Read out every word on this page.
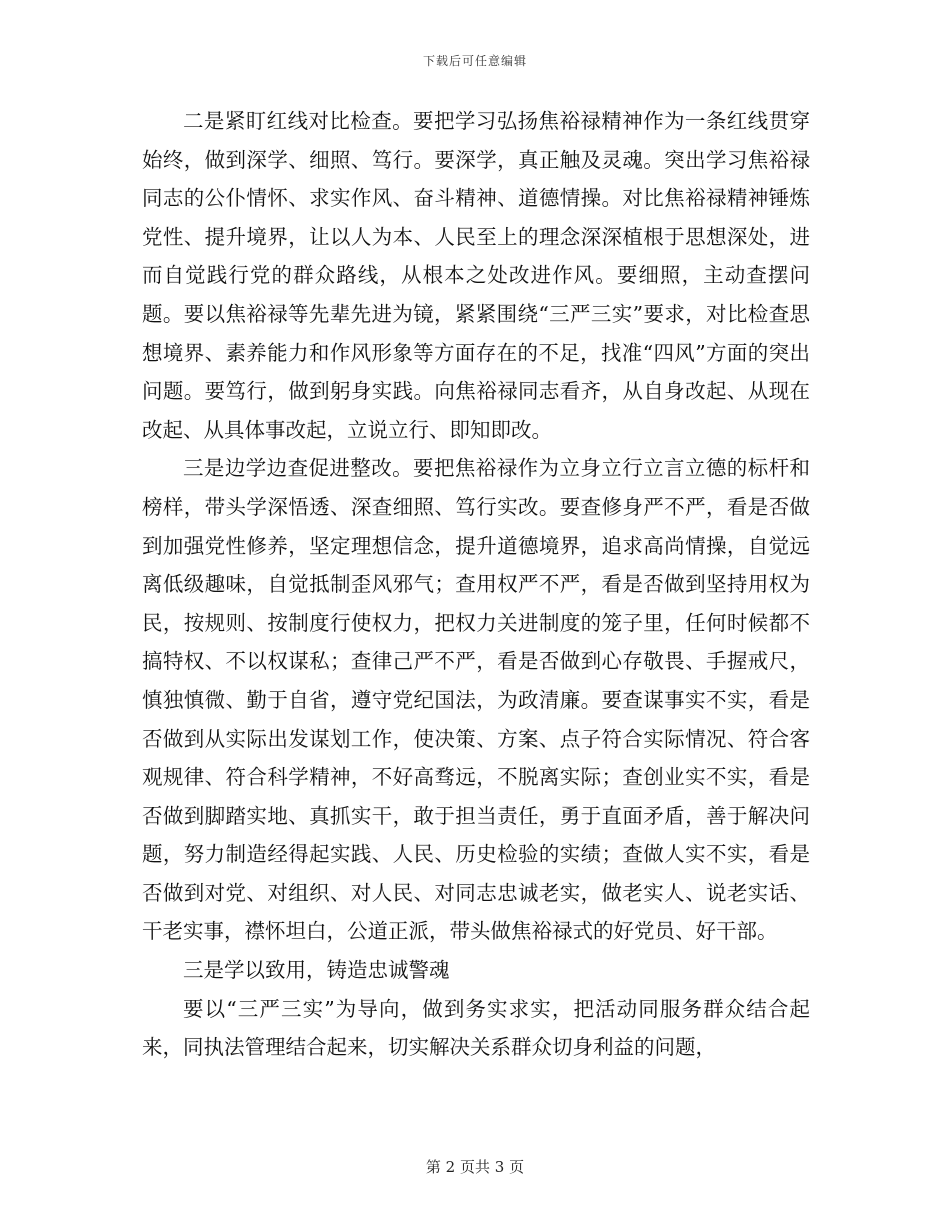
下载后可任意编辑

二是紧盯红线对比检查。要把学习弘扬焦裕禄精神作为一条红线贯穿始终，做到深学、细照、笃行。要深学，真正触及灵魂。突出学习焦裕禄同志的公仆情怀、求实作风、奋斗精神、道德情操。对比焦裕禄精神锤炼党性、提升境界，让以人为本、人民至上的理念深深植根于思想深处，进而自觉践行党的群众路线，从根本之处改进作风。要细照，主动查摆问题。要以焦裕禄等先辈先进为镜，紧紧围绕“三严三实”要求，对比检查思想境界、素养能力和作风形象等方面存在的不足，找准“四风”方面的突出问题。要笃行，做到躬身实践。向焦裕禄同志看齐，从自身改起、从现在改起、从具体事改起，立说立行、即知即改。

三是边学边查促进整改。要把焦裕禄作为立身立行立言立德的标杆和榜样，带头学深悟透、深查细照、笃行实改。要查修身严不严，看是否做到加强党性修养，坚定理想信念，提升道德境界，追求高尚情操，自觉远离低级趣味，自觉抵制歪风邪气；查用权严不严，看是否做到坚持用权为民，按规则、按制度行使权力，把权力关进制度的笼子里，任何时候都不搞特权、不以权谋私；查律己严不严，看是否做到心存敬畏、手握戒尺，慎独慎微、勤于自省，遵守党纪国法，为政清廉。要查谋事实不实，看是否做到从实际出发谋划工作，使决策、方案、点子符合实际情况、符合客观规律、符合科学精神，不好高骛远，不脱离实际；查创业实不实，看是否做到脚踏实地、真抓实干，敢于担当责任，勇于直面矛盾，善于解决问题，努力制造经得起实践、人民、历史检验的实绩；查做人实不实，看是否做到对党、对组织、对人民、对同志忠诚老实，做老实人、说老实话、干老实事，襟怀坦白，公道正派，带头做焦裕禄式的好党员、好干部。

三是学以致用，铸造忠诚警魂

要以“三严三实”为导向，做到务实求实，把活动同服务群众结合起来，同执法管理结合起来，切实解决关系群众切身利益的问题，

第 2 页共 3 页
